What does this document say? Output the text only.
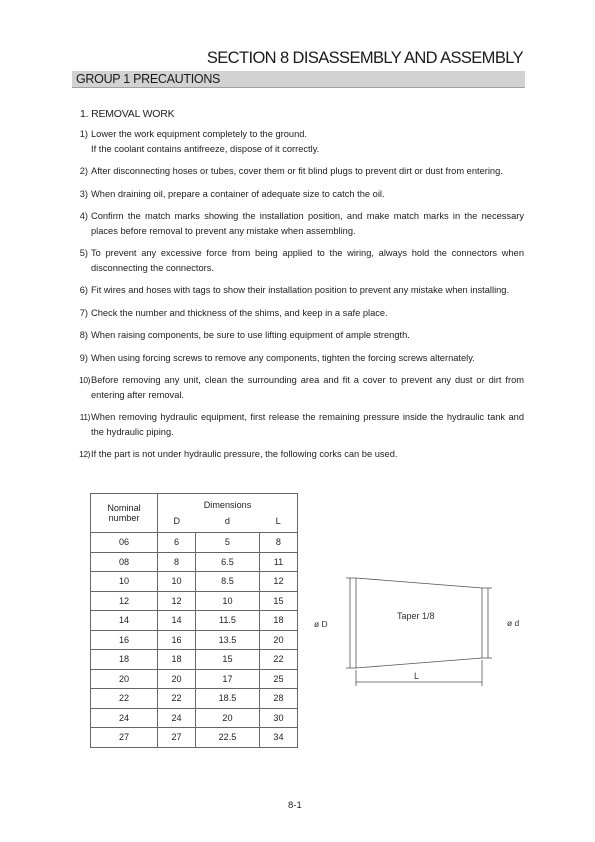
SECTION 8 DISASSEMBLY AND ASSEMBLY
GROUP 1 PRECAUTIONS
1. REMOVAL WORK
1) Lower the work equipment completely to the ground.
If the coolant contains antifreeze, dispose of it correctly.
2) After disconnecting hoses or tubes, cover them or fit blind plugs to prevent dirt or dust from entering.
3) When draining oil, prepare a container of adequate size to catch the oil.
4) Confirm the match marks showing the installation position, and make match marks in the necessary places before removal to prevent any mistake when assembling.
5) To prevent any excessive force from being applied to the wiring, always hold the connectors when disconnecting the connectors.
6) Fit wires and hoses with tags to show their installation position to prevent any mistake when installing.
7) Check the number and thickness of the shims, and keep in a safe place.
8) When raising components, be sure to use lifting equipment of ample strength.
9) When using forcing screws to remove any components, tighten the forcing screws alternately.
10) Before removing any unit, clean the surrounding area and fit a cover to prevent any dust or dirt from entering after removal.
11) When removing hydraulic equipment, first release the remaining pressure inside the hydraulic tank and the hydraulic piping.
12) If the part is not under hydraulic pressure, the following corks can be used.
Nominal number	Dimensions		
	D	d	L
06	6	5	8
08	8	6.5	11
10	10	8.5	12
12	12	10	15
14	14	11.5	18
16	16	13.5	20
18	18	15	22
20	20	17	25
22	22	18.5	28
24	24	20	30
27	27	22.5	34
ø D
Taper 1/8
ø d
L
8-1
